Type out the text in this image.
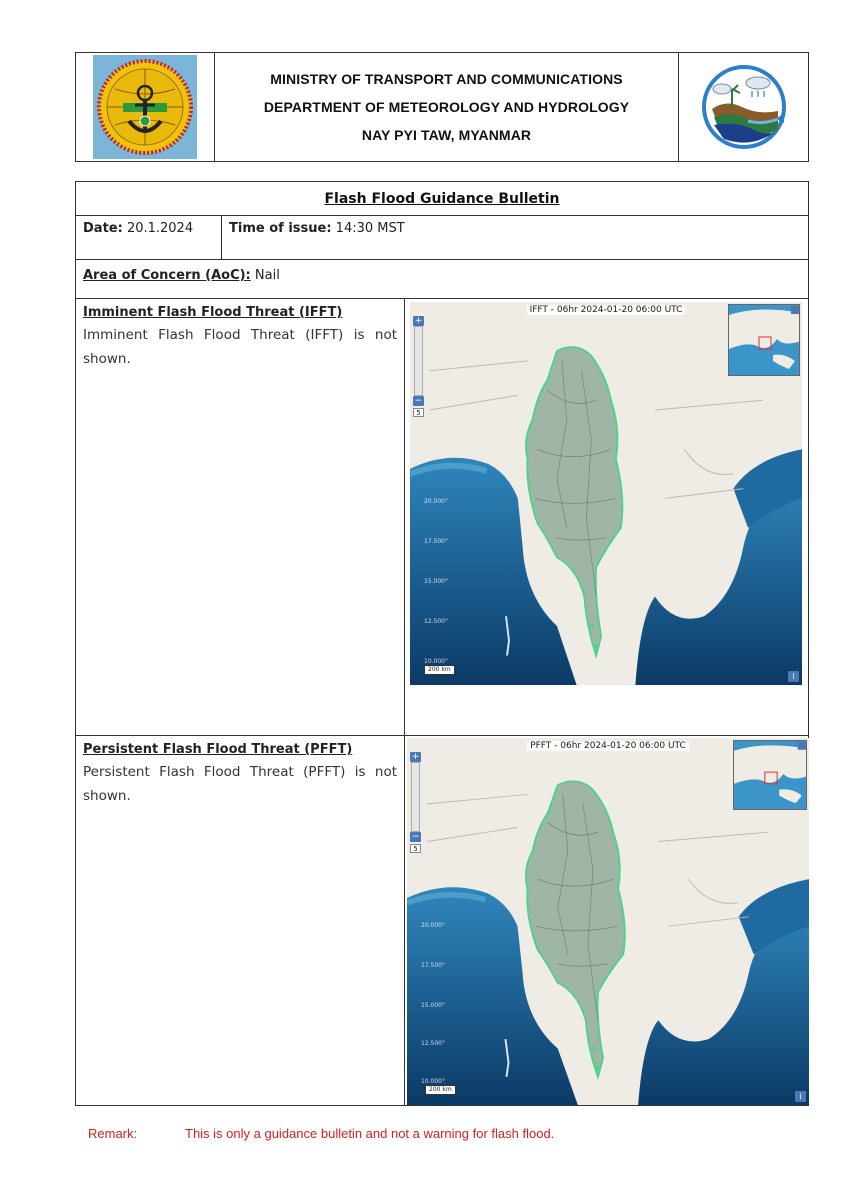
MINISTRY OF TRANSPORT AND COMMUNICATIONS
DEPARTMENT OF METEOROLOGY AND HYDROLOGY
NAY PYI TAW, MYANMAR
Flash Flood Guidance Bulletin
Date: 20.1.2024	Time of issue: 14:30 MST
Area of Concern (AoC): Nail
Imminent Flash Flood Threat (IFFT)

Imminent Flash Flood Threat (IFFT) is not shown.

IFFT - 06hr 2024-01-20 06:00 UTC
+
−
5
200 km
i
20.000°
17.500°
15.000°
12.500°
10.000°
Persistent Flash Flood Threat (PFFT)

Persistent Flash Flood Threat (PFFT) is not shown.

PFFT - 06hr 2024-01-20 06:00 UTC
+
−
5
200 km
i
20.000°
17.500°
15.000°
12.500°
10.000°
Remark:	This is only a guidance bulletin and not a warning for flash flood.
